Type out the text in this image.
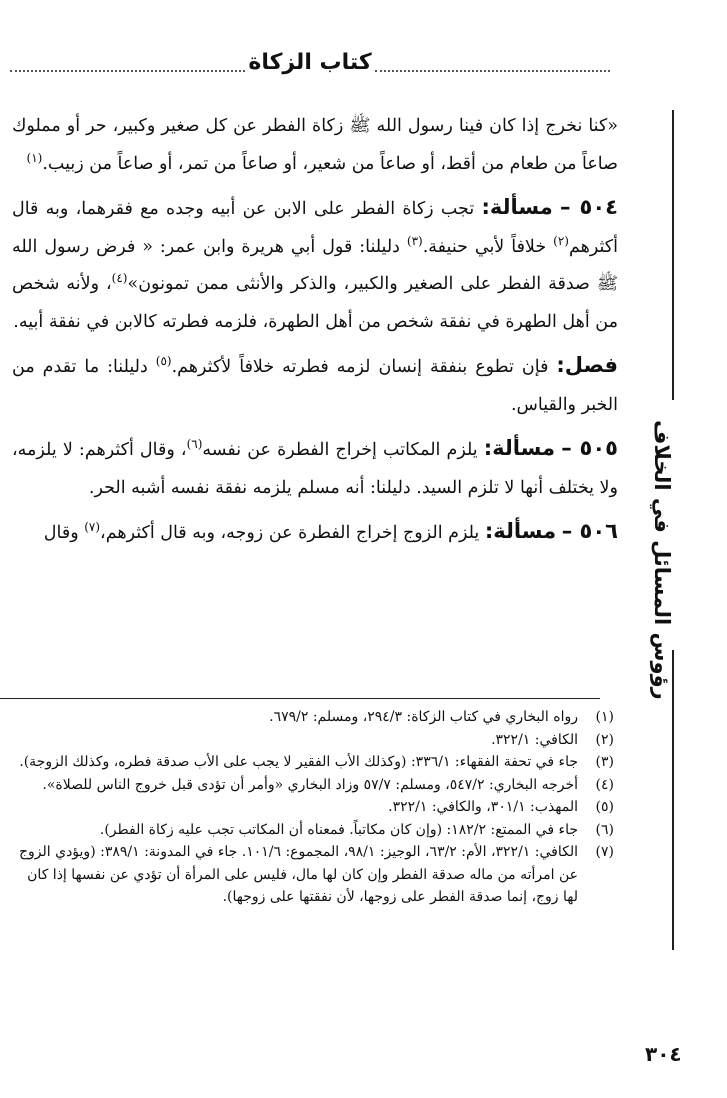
كتاب الزكاة

«كنا نخرج إذا كان فينا رسول الله ﷺ زكاة الفطر عن كل صغير وكبير، حر أو مملوك صاعاً من طعام من أقط، أو صاعاً من شعير، أو صاعاً من تمر، أو صاعاً من زبيب.$^{(١)}$

٥٠٤ – مسألة: تجب زكاة الفطر على الابن عن أبيه وجده مع فقرهما، وبه قال أكثرهم$^{(٢)}$ خلافاً لأبي حنيفة.$^{(٣)}$ دليلنا: قول أبي هريرة وابن عمر: « فرض رسول الله ﷺ صدقة الفطر على الصغير والكبير، والذكر والأنثى ممن تمونون»$^{(٤)}$، ولأنه شخص من أهل الطهرة في نفقة شخص من أهل الطهرة، فلزمه فطرته كالابن في نفقة أبيه.

فصل: فإن تطوع بنفقة إنسان لزمه فطرته خلافاً لأكثرهم.$^{(٥)}$ دليلنا: ما تقدم من الخبر والقياس.

٥٠٥ – مسألة: يلزم المكاتب إخراج الفطرة عن نفسه$^{(٦)}$، وقال أكثرهم: لا يلزمه، ولا يختلف أنها لا تلزم السيد. دليلنا: أنه مسلم يلزمه نفقة نفسه أشبه الحر.

٥٠٦ – مسألة: يلزم الزوج إخراج الفطرة عن زوجه، وبه قال أكثرهم،$^{(٧)}$ وقال

(١)
رواه البخاري في كتاب الزكاة: ٢٩٤/٣، ومسلم: ٦٧٩/٢.
(٢)
الكافي: ٣٢٢/١.
(٣)
جاء في تحفة الفقهاء: ٣٣٦/١: (وكذلك الأب الفقير لا يجب على الأب صدقة فطره، وكذلك الزوجة).
(٤)
أخرجه البخاري: ٥٤٧/٢، ومسلم: ٥٧/٧ وزاد البخاري «وأمر أن تؤدى قبل خروج الناس للصلاة».
(٥)
المهذب: ٣٠١/١، والكافي: ٣٢٢/١.
(٦)
جاء في الممتع: ١٨٢/٢: (وإن كان مكاتباً. فمعناه أن المكاتب تجب عليه زكاة الفطر).
(٧)
الكافي: ٣٢٢/١، الأم: ٦٣/٢، الوجيز: ٩٨/١، المجموع: ١٠١/٦. جاء في المدونة: ٣٨٩/١: (ويؤدي الزوج عن امرأته من ماله صدقة الفطر وإن كان لها مال، فليس على المرأة أن تؤدي عن نفسها إذا كان لها زوج، إنما صدقة الفطر على زوجها، لأن نفقتها على زوجها).
رؤوس المسائل في الخلاف
٣٠٤
